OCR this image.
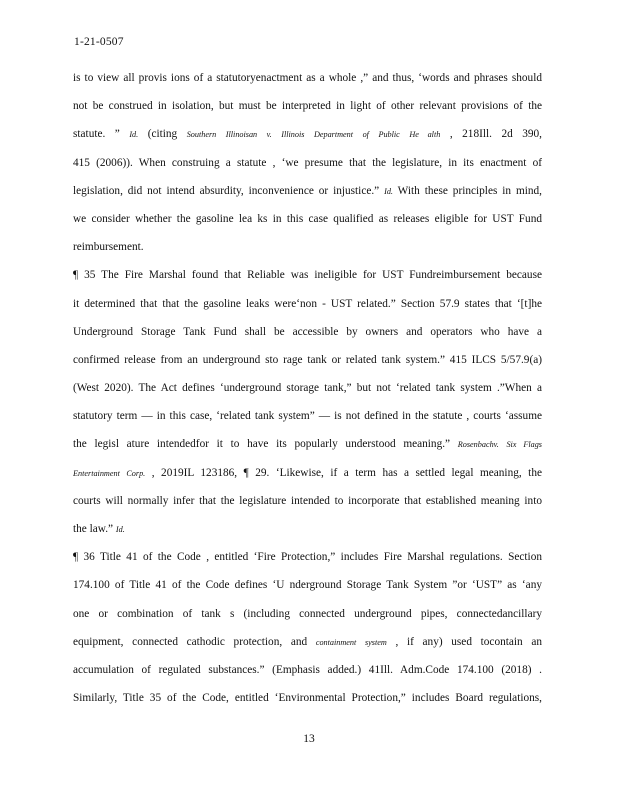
1-21-0507
is to view all provis ions of a statutoryenactment as a whole ,” and thus, ‘words and phrases should
not be construed in isolation, but must be interpreted in light of other relevant provisions of the
statute. ” Id. (citing Southern Illinoisan v. Illinois Department of Public He alth , 218Ill. 2d 390,
415 (2006)). When construing a statute , ‘we presume that the legislature, in its enactment of
legislation, did not intend absurdity, inconvenience or injustice.” Id. With these principles in mind,
we consider whether the gasoline lea ks in this case qualified as releases eligible for UST Fund
reimbursement.
¶ 35 The Fire Marshal found that Reliable was ineligible for UST Fundreimbursement because
it determined that that the gasoline leaks were‘non - UST related.” Section 57.9 states that ‘[t]he
Underground Storage Tank Fund shall be accessible by owners and operators who have a
confirmed release from an underground sto rage tank or related tank system.” 415 ILCS 5/57.9(a)
(West 2020). The Act defines ‘underground storage tank,” but not ‘related tank system .”When a
statutory term — in this case, ‘related tank system” — is not defined in the statute , courts ‘assume
the legisl ature intendedfor it to have its popularly understood meaning.” Rosenbachv. Six Flags
Entertainment Corp. , 2019IL 123186, ¶ 29. ‘Likewise, if a term has a settled legal meaning, the
courts will normally infer that the legislature intended to incorporate that established meaning into
the law.” Id.
¶ 36 Title 41 of the Code , entitled ‘Fire Protection,” includes Fire Marshal regulations. Section
174.100 of Title 41 of the Code defines ‘U nderground Storage Tank System ”or ‘UST” as ‘any
one or combination of tank s (including connected underground pipes, connectedancillary
equipment, connected cathodic protection, and containment system , if any) used tocontain an
accumulation of regulated substances.” (Emphasis added.) 41Ill. Adm.Code 174.100 (2018) .
Similarly, Title 35 of the Code, entitled ‘Environmental Protection,” includes Board regulations,
13
